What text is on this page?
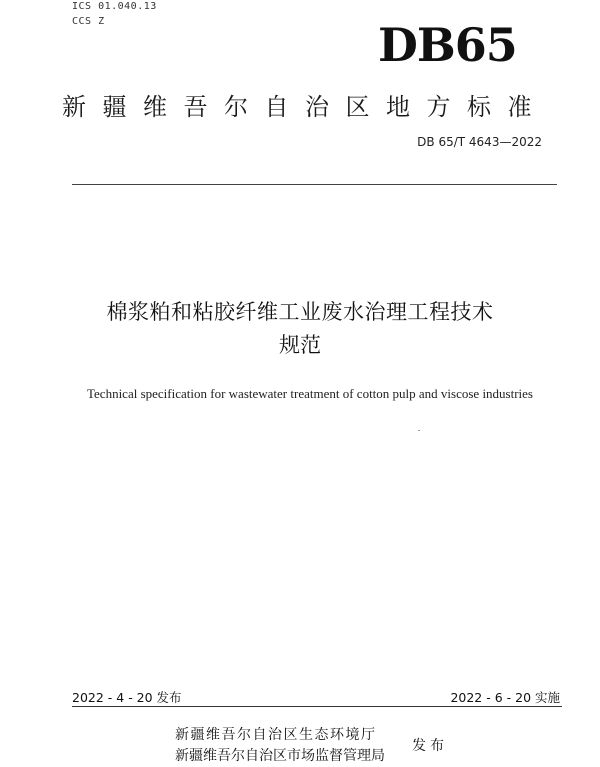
ICS 01.040.13
CCS Z	DB65
新疆维吾尔自治区地方标准
DB 65/T 4643—2022
棉浆粕和粘胶纤维工业废水治理工程技术
规范
Technical specification for wastewater treatment of cotton pulp and viscose industries
2022 - 4 - 20 发布	2022 - 6 - 20 实施
新疆维吾尔自治区生态环境厅
新疆维吾尔自治区市场监督管理局
发布
